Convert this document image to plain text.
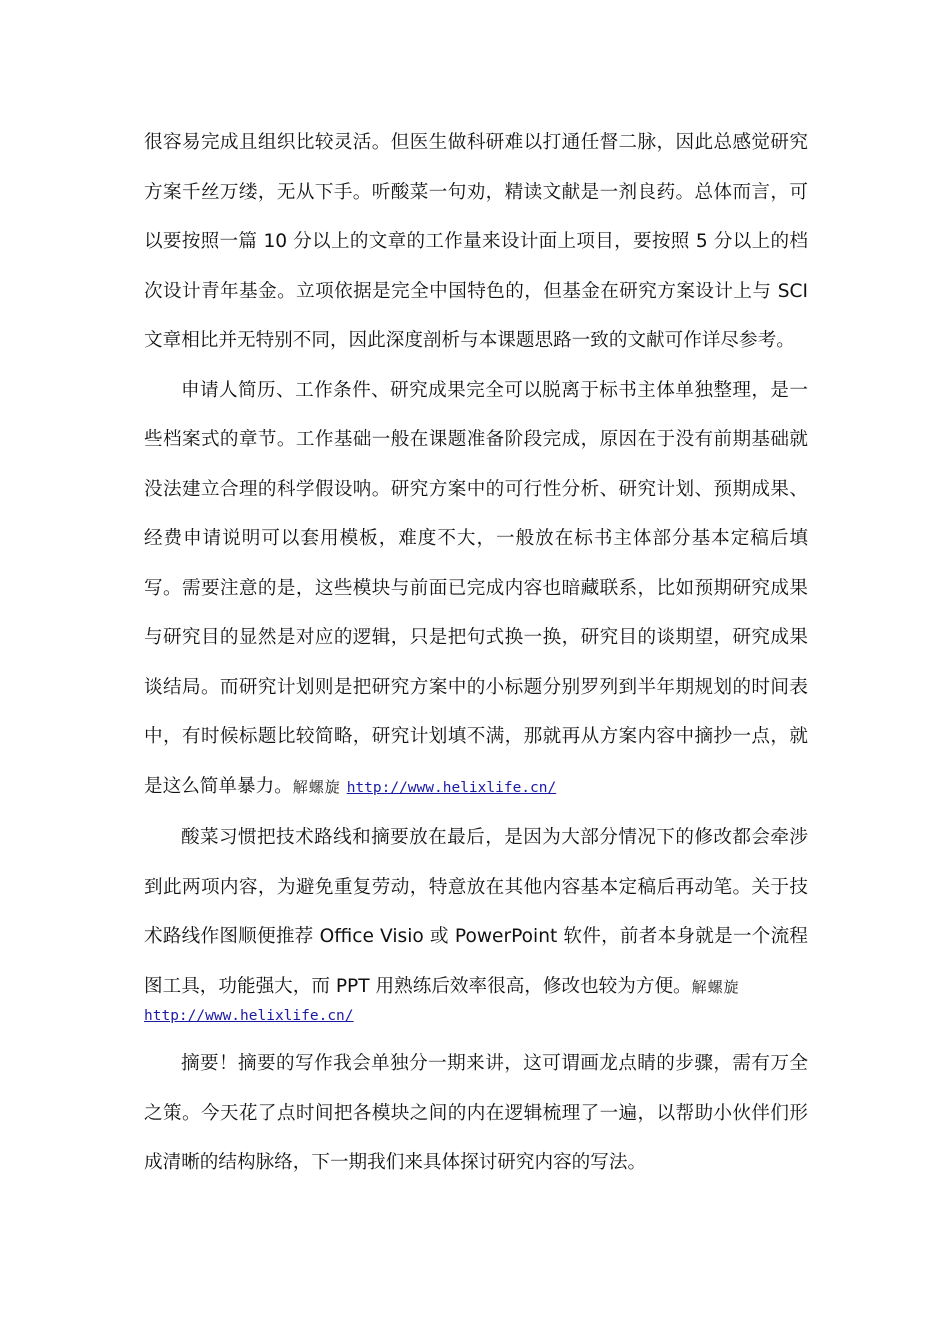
很容易完成且组织比较灵活。但医生做科研难以打通任督二脉，因此总感觉研究方案千丝万缕，无从下手。听酸菜一句劝，精读文献是一剂良药。总体而言，可以要按照一篇 10 分以上的文章的工作量来设计面上项目，要按照 5 分以上的档次设计青年基金。立项依据是完全中国特色的，但基金在研究方案设计上与 SCI 文章相比并无特别不同，因此深度剖析与本课题思路一致的文献可作详尽参考。

申请人简历、工作条件、研究成果完全可以脱离于标书主体单独整理，是一些档案式的章节。工作基础一般在课题准备阶段完成，原因在于没有前期基础就没法建立合理的科学假设呐。研究方案中的可行性分析、研究计划、预期成果、经费申请说明可以套用模板，难度不大，一般放在标书主体部分基本定稿后填写。需要注意的是，这些模块与前面已完成内容也暗藏联系，比如预期研究成果与研究目的显然是对应的逻辑，只是把句式换一换，研究目的谈期望，研究成果谈结局。而研究计划则是把研究方案中的小标题分别罗列到半年期规划的时间表中，有时候标题比较简略，研究计划填不满，那就再从方案内容中摘抄一点，就是这么简单暴力。解螺旋 http://www.helixlife.cn/

酸菜习惯把技术路线和摘要放在最后，是因为大部分情况下的修改都会牵涉到此两项内容，为避免重复劳动，特意放在其他内容基本定稿后再动笔。关于技术路线作图顺便推荐 Office Visio 或 PowerPoint 软件，前者本身就是一个流程图工具，功能强大，而 PPT 用熟练后效率很高，修改也较为方便。解螺旋
http://www.helixlife.cn/

摘要！摘要的写作我会单独分一期来讲，这可谓画龙点睛的步骤，需有万全之策。今天花了点时间把各模块之间的内在逻辑梳理了一遍，以帮助小伙伴们形成清晰的结构脉络，下一期我们来具体探讨研究内容的写法。
